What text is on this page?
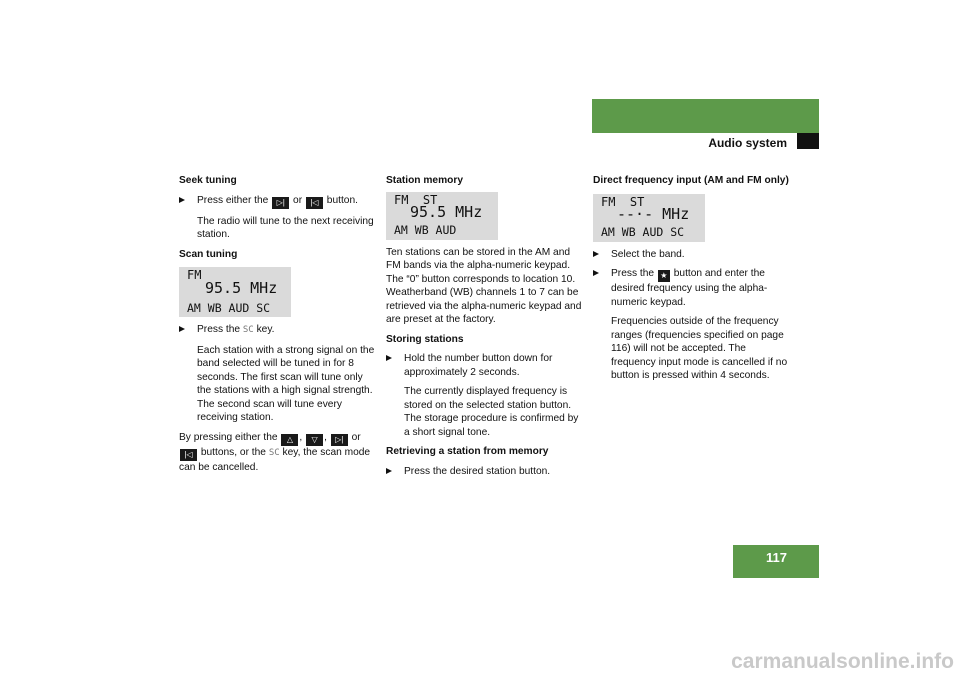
Controls in detail
Audio system
Seek tuning
Press either the ▷| or |◁ button.
The radio will tune to the next receiving station.
Scan tuning
FM
95.5 MHz
AM WB AUD SC
Press the SC key.
Each station with a strong signal on the band selected will be tuned in for 8 seconds. The first scan will tune only the stations with a high signal strength. The second scan will tune every receiving station.
By pressing either the △ , ▽ , ▷| or |◁ buttons, or the SC key, the scan mode can be cancelled.
Station memory
FM  ST
95.5 MHz
AM WB AUD
Ten stations can be stored in the AM and FM bands via the alpha-numeric keypad. The “0” button corresponds to location 10. Weatherband (WB) channels 1 to 7 can be retrieved via the alpha-numeric keypad and are preset at the factory.
Storing stations
Hold the number button down for approximately 2 seconds.
The currently displayed frequency is stored on the selected station button. The storage procedure is confirmed by a short signal tone.
Retrieving a station from memory
Press the desired station button.
Direct frequency input (AM and FM only)
FM  ST
--·- MHz
AM WB AUD SC
Select the band.
Press the ★ button and enter the desired frequency using the alpha-numeric keypad.
Frequencies outside of the frequency ranges (frequencies specified on page 116) will not be accepted. The frequency input mode is cancelled if no button is pressed within 4 seconds.
117
carmanualsonline.info
